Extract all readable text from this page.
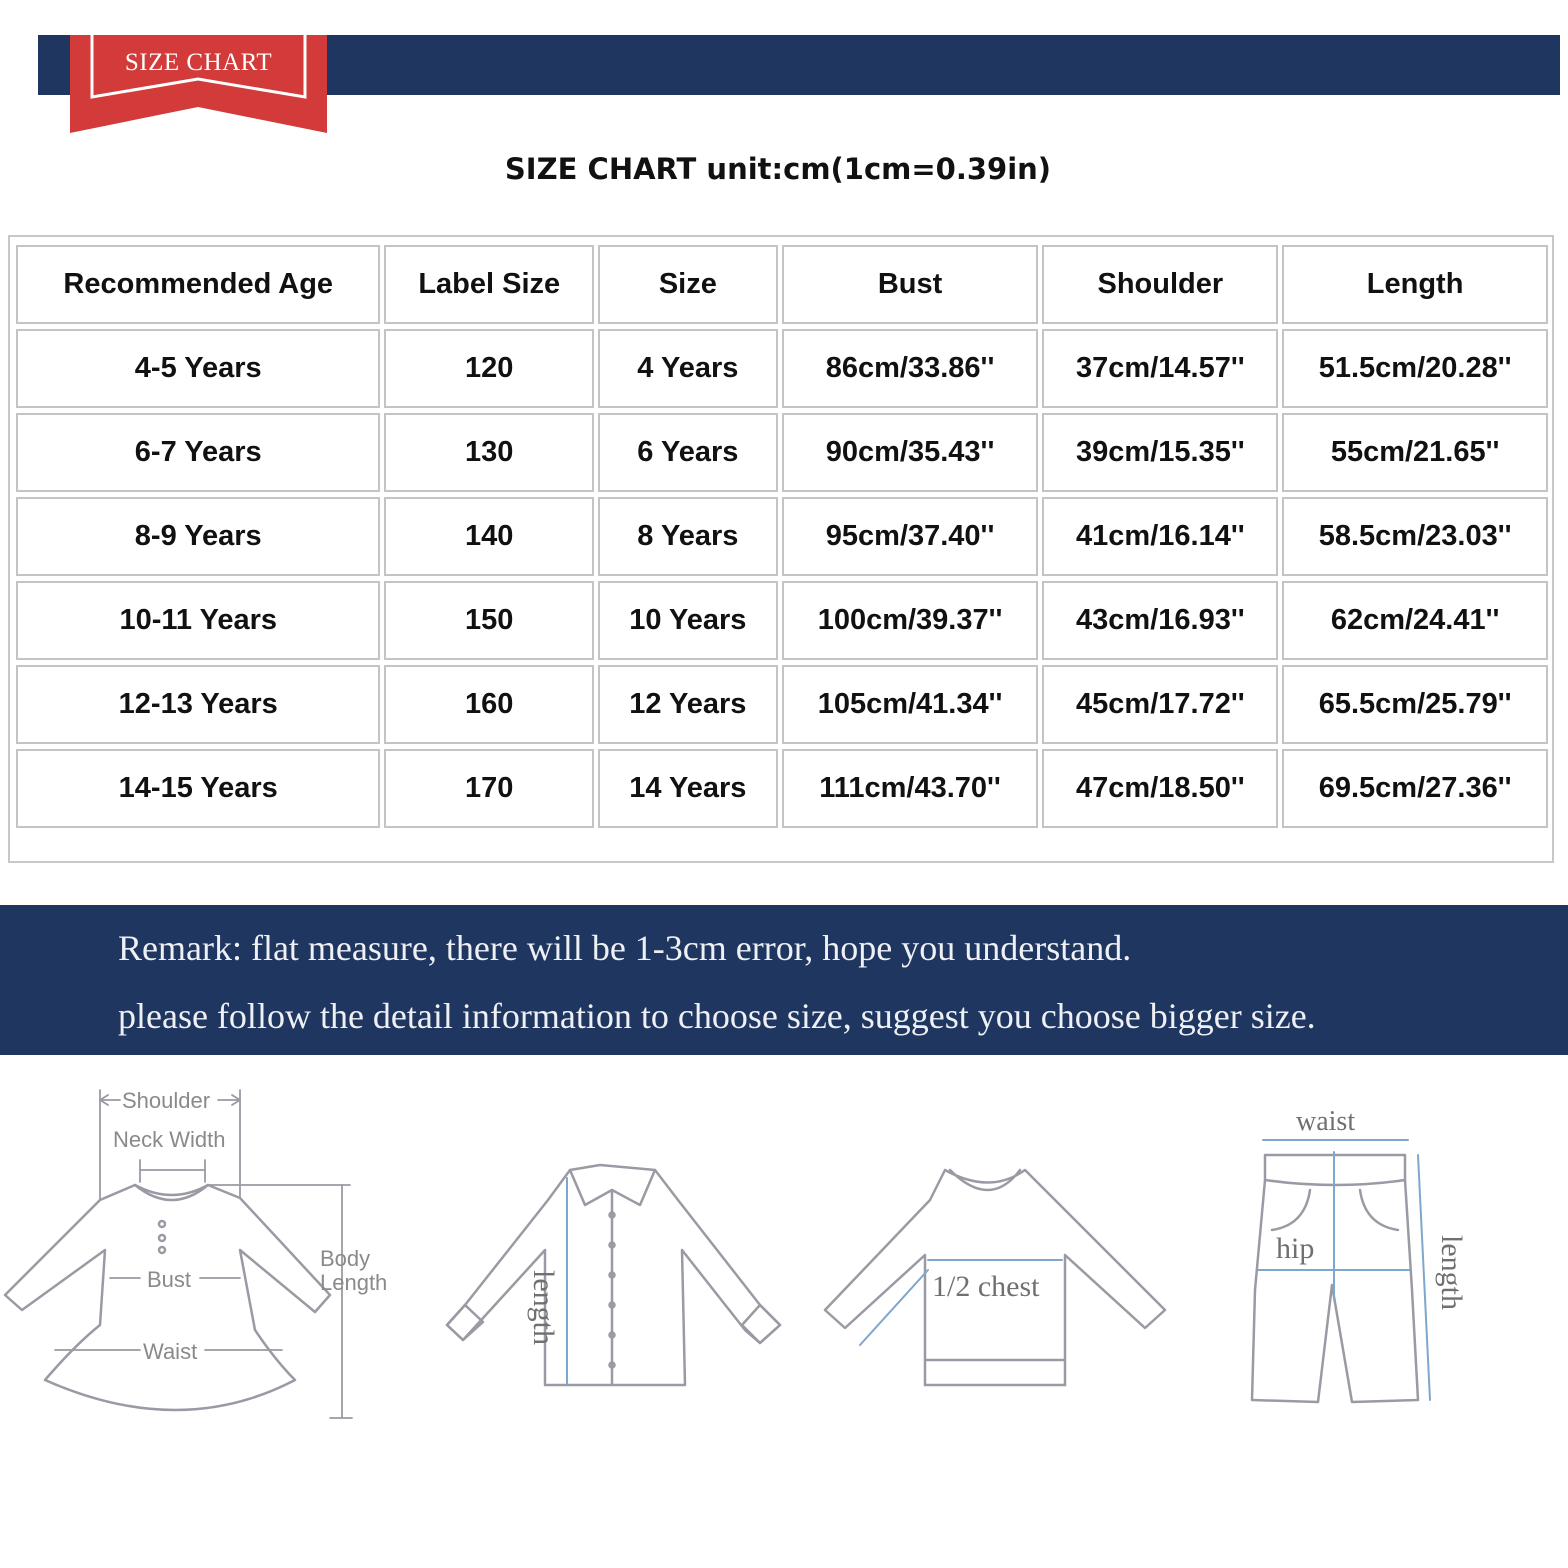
SIZE CHART
SIZE CHART unit:cm(1cm=0.39in)
Recommended Age	Label Size	Size	Bust	Shoulder	Length
4-5 Years	120	4 Years	86cm/33.86''	37cm/14.57''	51.5cm/20.28''
6-7 Years	130	6 Years	90cm/35.43''	39cm/15.35''	55cm/21.65''
8-9 Years	140	8 Years	95cm/37.40''	41cm/16.14''	58.5cm/23.03''
10-11 Years	150	10 Years	100cm/39.37''	43cm/16.93''	62cm/24.41''
12-13 Years	160	12 Years	105cm/41.34''	45cm/17.72''	65.5cm/25.79''
14-15 Years	170	14 Years	111cm/43.70''	47cm/18.50''	69.5cm/27.36''
Remark: flat measure, there will be 1-3cm error, hope you understand.
please follow the detail information to choose size, suggest you choose bigger size.
Shoulder
Neck Width
Body
Length
Bust
Waist
length	1/2 chest
waist
hip	length
